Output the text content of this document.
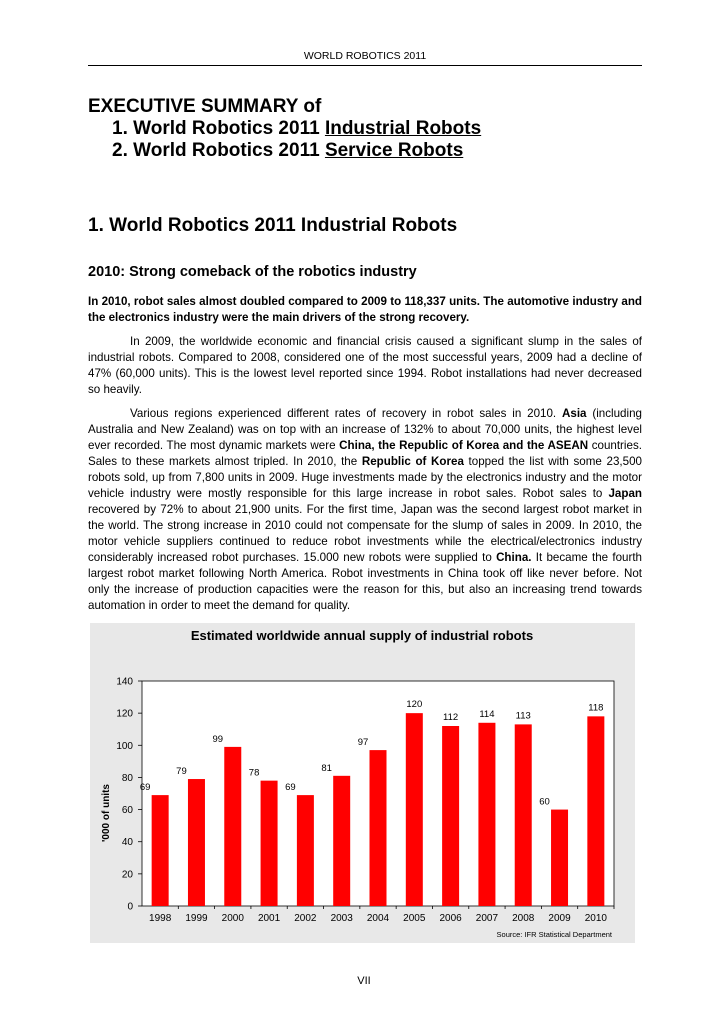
WORLD ROBOTICS 2011
EXECUTIVE SUMMARY of
1. World Robotics 2011 Industrial Robots
2. World Robotics 2011 Service Robots
1. World Robotics 2011 Industrial Robots
2010: Strong comeback of the robotics industry

In 2010, robot sales almost doubled compared to 2009 to 118,337 units. The automotive industry and the electronics industry were the main drivers of the strong recovery.

In 2009, the worldwide economic and financial crisis caused a significant slump in the sales of industrial robots. Compared to 2008, considered one of the most successful years, 2009 had a decline of 47% (60,000 units). This is the lowest level reported since 1994. Robot installations had never decreased so heavily.

Various regions experienced different rates of recovery in robot sales in 2010. Asia (including Australia and New Zealand) was on top with an increase of 132% to about 70,000 units, the highest level ever recorded. The most dynamic markets were China, the Republic of Korea and the ASEAN countries. Sales to these markets almost tripled. In 2010, the Republic of Korea topped the list with some 23,500 robots sold, up from 7,800 units in 2009. Huge investments made by the electronics industry and the motor vehicle industry were mostly responsible for this large increase in robot sales. Robot sales to Japan recovered by 72% to about 21,900 units. For the first time, Japan was the second largest robot market in the world. The strong increase in 2010 could not compensate for the slump of sales in 2009. In 2010, the motor vehicle suppliers continued to reduce robot investments while the electrical/electronics industry considerably increased robot purchases. 15.000 new robots were supplied to China. It became the fourth largest robot market following North America. Robot investments in China took off like never before. Not only the increase of production capacities were the reason for this, but also an increasing trend towards automation in order to meet the demand for quality.

Estimated worldwide annual supply of industrial robots
0
20
40
60
80
100
120
140
69
1998
79
1999
99
2000
78
2001
69
2002
81
2003
97
2004
120
2005
112
2006
114
2007
113
2008
60
2009
118
2010
'000 of units
Source: IFR Statistical Department
VII
